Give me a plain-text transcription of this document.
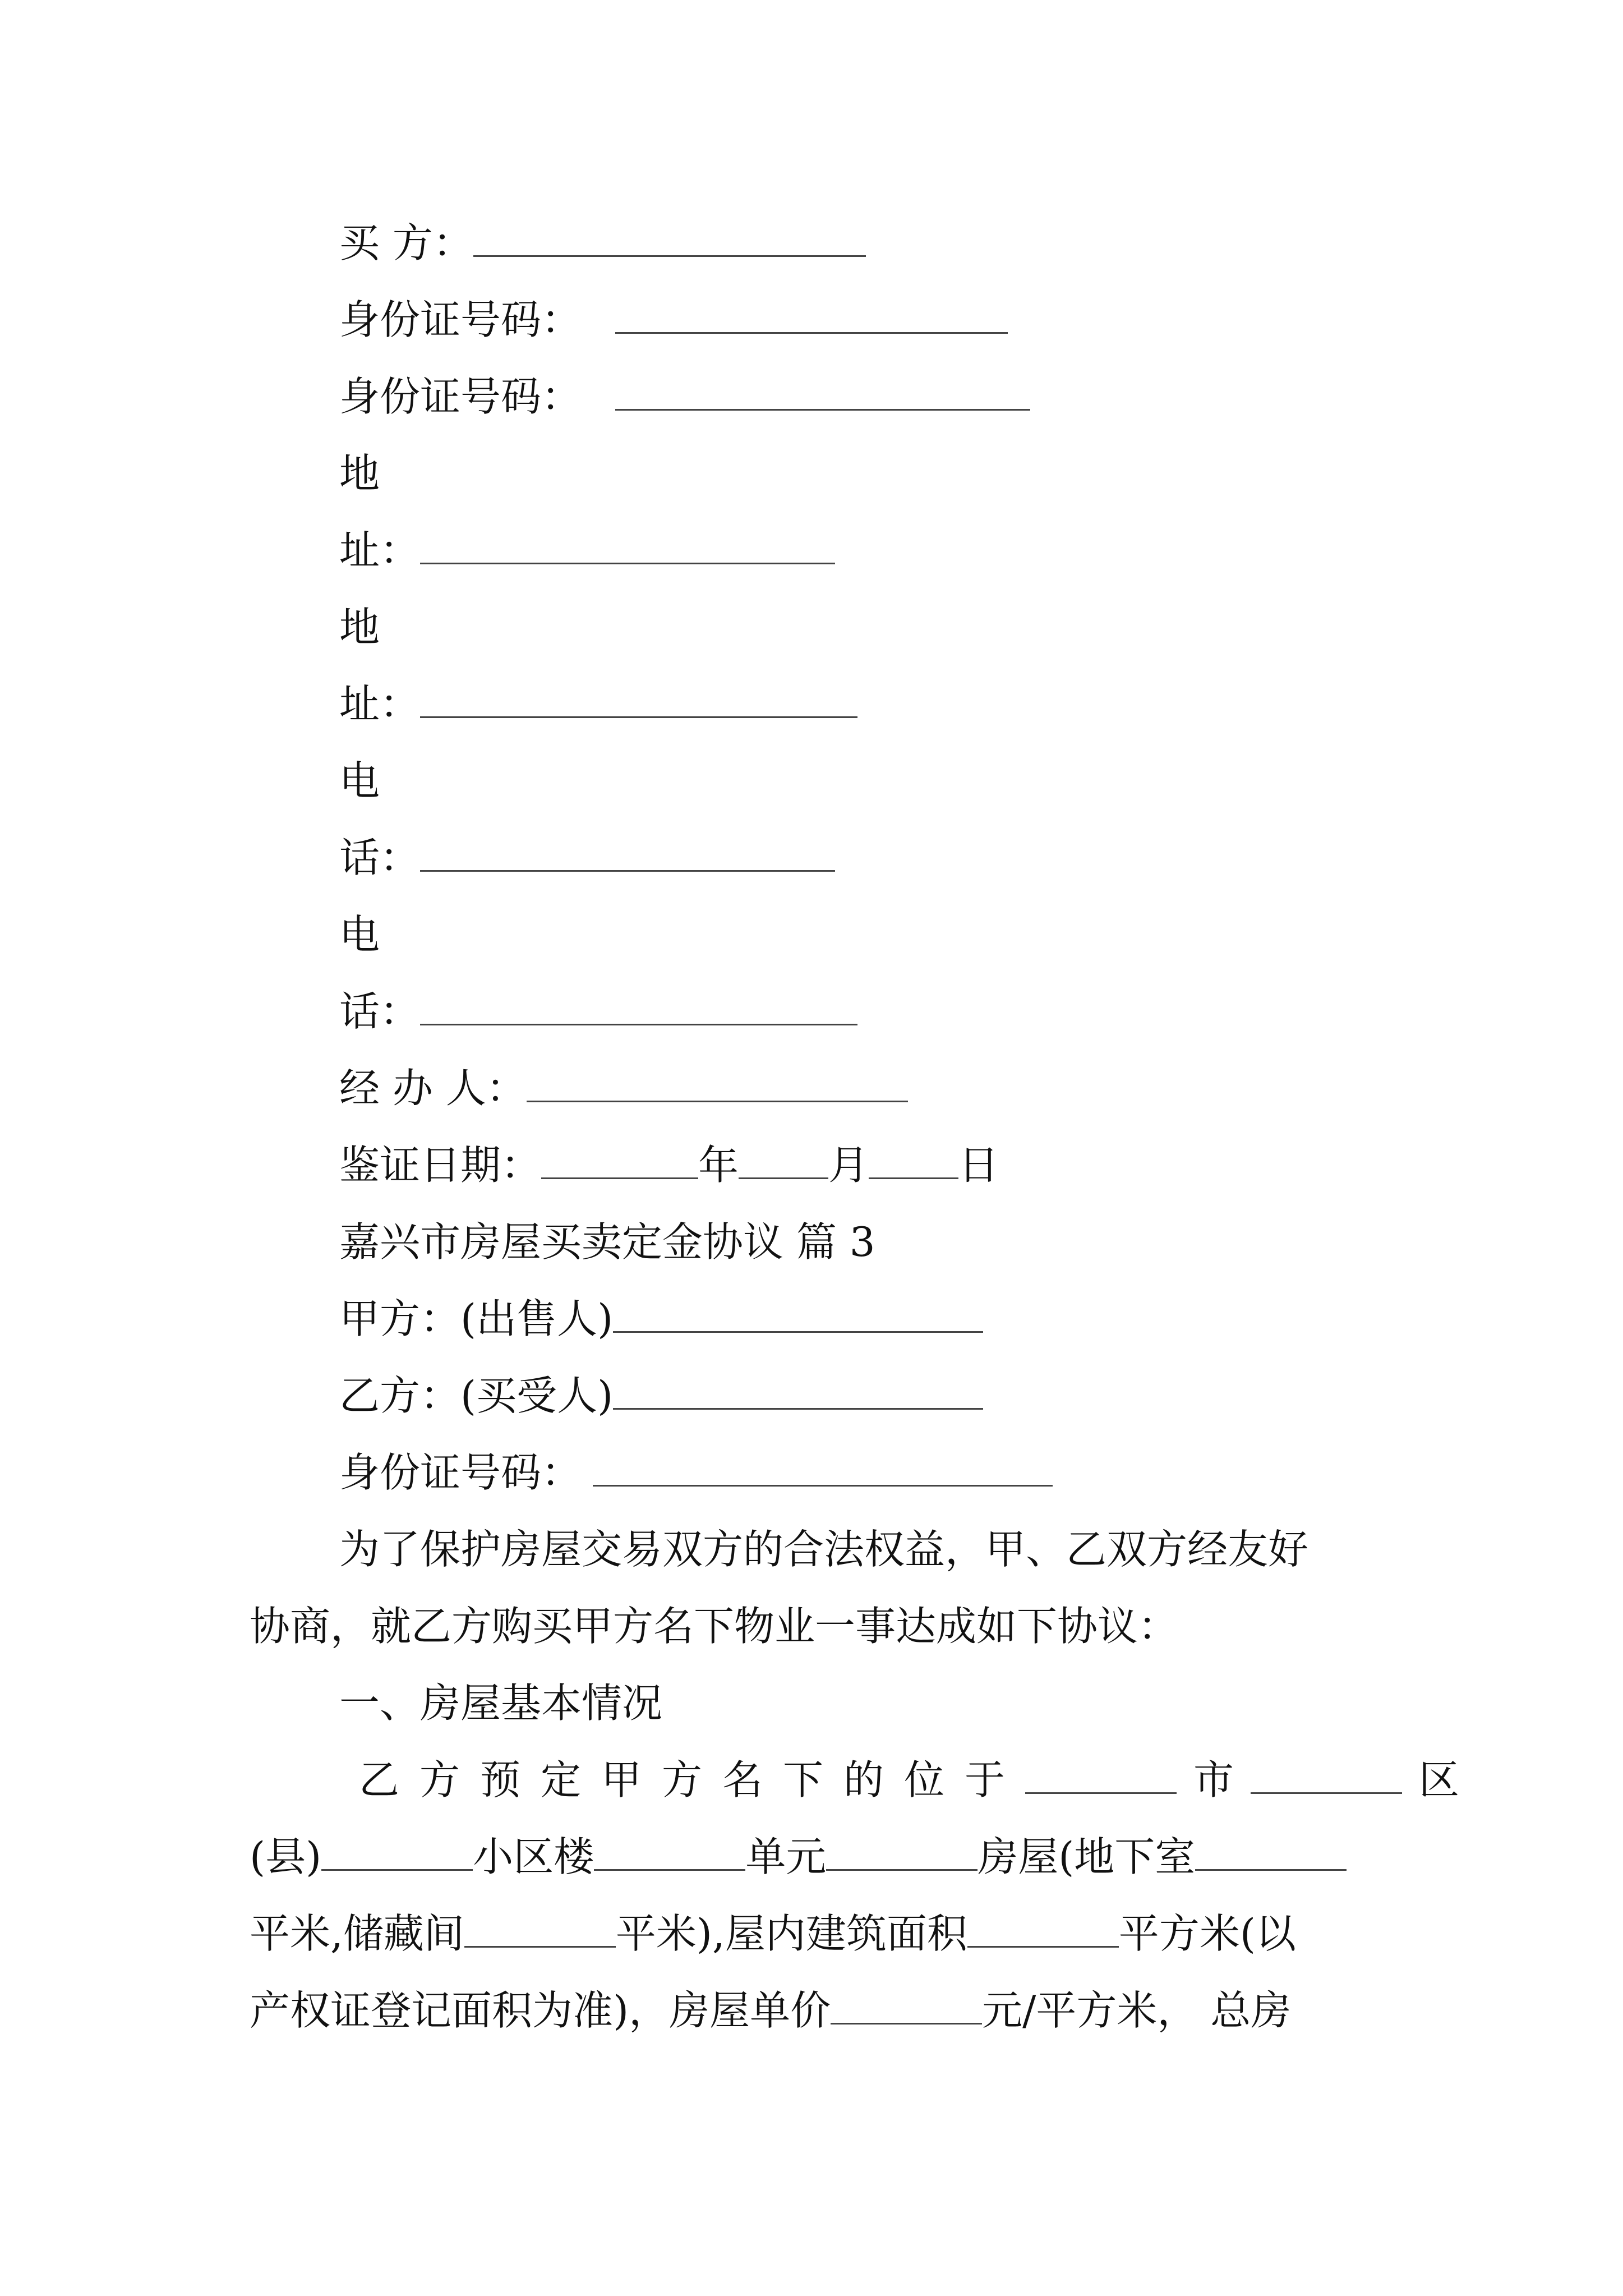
买 方：
身份证号码：
身份证号码：
地
址：
地
址：
电
话：
电
话：
经 办 人：
鉴证日期：	年 月 日
嘉兴市房屋买卖定金协议 篇 3
甲方：(出售人)
乙方：(买受人)
身份证号码：
为了保护房屋交易双方的合法权益，甲、乙双方经友好
协商，就乙方购买甲方名下物业一事达成如下协议：
一、房屋基本情况
乙方预定甲方名下的位于	市	区
(县)	小区楼	单元	房屋(地下室
平米,储藏间	平米),屋内建筑面积	平方米(以
产权证登记面积为准)，房屋单价	元/平方米， 总房
